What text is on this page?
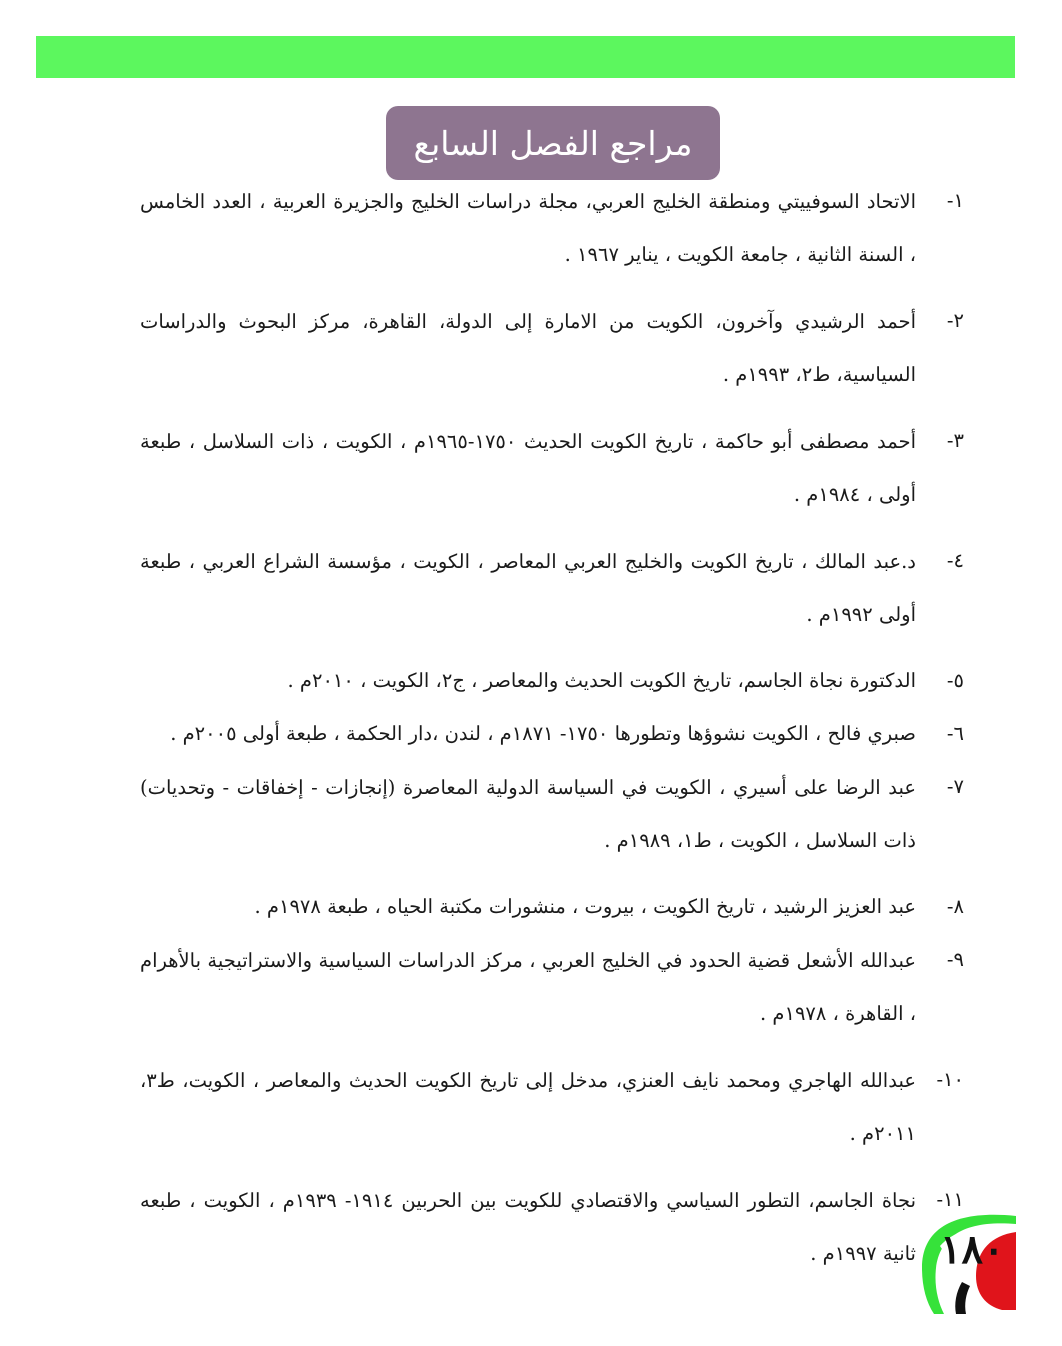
مراجع الفصل السابع
١-
الاتحاد السوفييتي ومنطقة الخليج العربي، مجلة دراسات الخليج والجزيرة العربية ، العدد الخامس ، السنة الثانية ، جامعة الكويت ، يناير ١٩٦٧ .
٢-
أحمد الرشيدي وآخرون، الكويت من الامارة إلى الدولة، القاهرة، مركز البحوث والدراسات السياسية، ط٢، ١٩٩٣م .
٣-
أحمد مصطفى أبو حاكمة ، تاريخ الكويت الحديث ١٧٥٠-١٩٦٥م ، الكويت ، ذات السلاسل ، طبعة أولى ، ١٩٨٤م .
٤-
د.عبد المالك ، تاريخ الكويت والخليج العربي المعاصر ، الكويت ، مؤسسة الشراع العربي ، طبعة أولى ١٩٩٢م .
٥-
الدكتورة نجاة الجاسم، تاريخ الكويت الحديث والمعاصر ، ج٢، الكويت ، ٢٠١٠م .
٦-
صبري فالح ، الكويت نشوؤها وتطورها ١٧٥٠- ١٨٧١م ، لندن ،دار الحكمة ، طبعة أولى ٢٠٠٥م .
٧-
عبد الرضا على أسيري ، الكويت في السياسة الدولية المعاصرة (إنجازات - إخفاقات - وتحديات) ذات السلاسل ، الكويت ، ط١، ١٩٨٩م .
٨-
عبد العزيز الرشيد ، تاريخ الكويت ، بيروت ، منشورات مكتبة الحياه ، طبعة ١٩٧٨م .
٩-
عبدالله الأشعل قضية الحدود في الخليج العربي ، مركز الدراسات السياسية والاستراتيجية بالأهرام ، القاهرة ، ١٩٧٨م .
١٠-
عبدالله الهاجري ومحمد نايف العنزي، مدخل إلى تاريخ الكويت الحديث والمعاصر ، الكويت، ط٣، ٢٠١١م .
١١-
نجاة الجاسم، التطور السياسي والاقتصادي للكويت بين الحربين ١٩١٤- ١٩٣٩م ، الكويت ، طبعه ثانية ١٩٩٧م . ١٨٠
